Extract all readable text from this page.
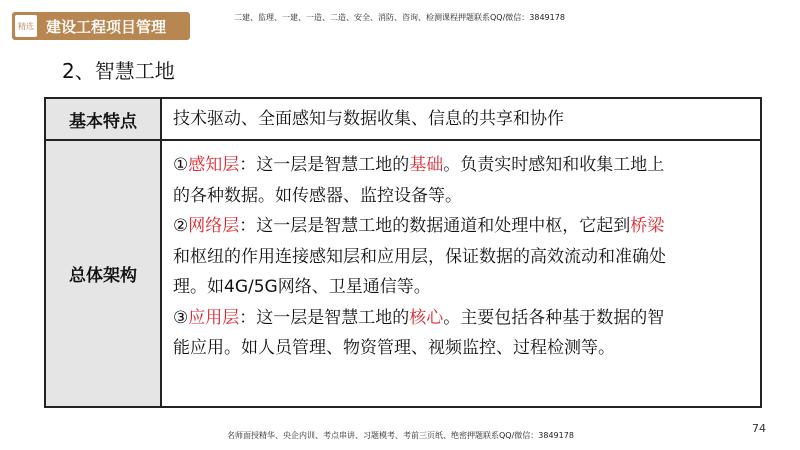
精选 建设工程项目管理	二建、监理、一建、一造、二造、安全、消防、咨询、检测课程押题联系QQ/微信：3849178
2、智慧工地
基本特点	技术驱动、全面感知与数据收集、信息的共享和协作
总体架构
①感知层：这一层是智慧工地的基础。负责实时感知和收集工地上
的各种数据。如传感器、监控设备等。
②网络层：这一层是智慧工地的数据通道和处理中枢，它起到桥梁
和枢纽的作用连接感知层和应用层，保证数据的高效流动和准确处
理。如4G/5G网络、卫星通信等。
③应用层：这一层是智慧工地的核心。主要包括各种基于数据的智
能应用。如人员管理、物资管理、视频监控、过程检测等。
名师面授精华、央企内训、考点串讲、习题模考、考前三页纸、绝密押题联系QQ/微信：3849178
74
